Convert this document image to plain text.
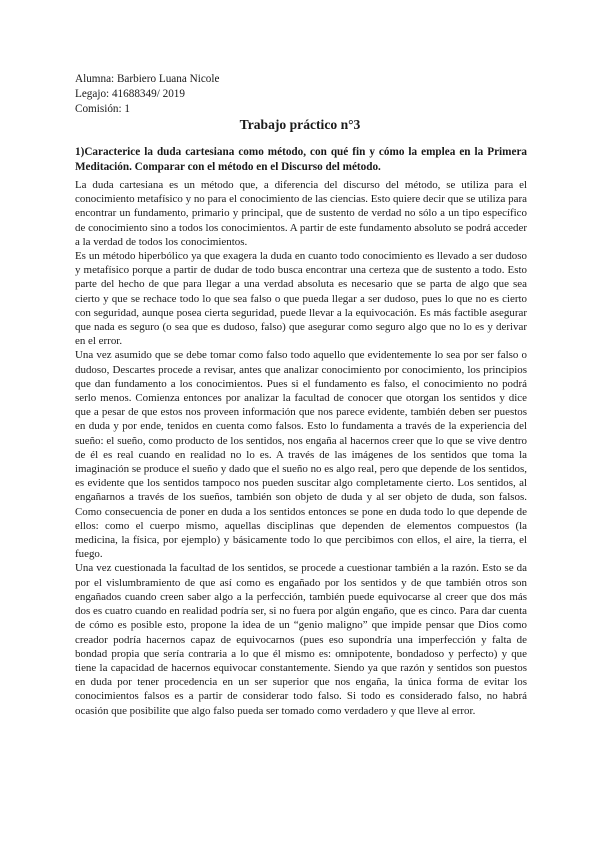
Alumna: Barbiero Luana Nicole
Legajo: 41688349/ 2019
Comisión: 1
Trabajo práctico n°3
1)Caracterice la duda cartesiana como método, con qué fin y cómo la emplea en la Primera Meditación. Comparar con el método en el Discurso del método.

La duda cartesiana es un método que, a diferencia del discurso del método, se utiliza para el conocimiento metafísico y no para el conocimiento de las ciencias. Esto quiere decir que se utiliza para encontrar un fundamento, primario y principal, que de sustento de verdad no sólo a un tipo específico de conocimiento sino a todos los conocimientos. A partir de este fundamento absoluto se podrá acceder a la verdad de todos los conocimientos.

Es un método hiperbólico ya que exagera la duda en cuanto todo conocimiento es llevado a ser dudoso y metafísico porque a partir de dudar de todo busca encontrar una certeza que de sustento a todo. Esto parte del hecho de que para llegar a una verdad absoluta es necesario que se parta de algo que sea cierto y que se rechace todo lo que sea falso o que pueda llegar a ser dudoso, pues lo que no es cierto con seguridad, aunque posea cierta seguridad, puede llevar a la equivocación. Es más factible asegurar que nada es seguro (o sea que es dudoso, falso) que asegurar como seguro algo que no lo es y derivar en el error.

Una vez asumido que se debe tomar como falso todo aquello que evidentemente lo sea por ser falso o dudoso, Descartes procede a revisar, antes que analizar conocimiento por conocimiento, los principios que dan fundamento a los conocimientos. Pues si el fundamento es falso, el conocimiento no podrá serlo menos. Comienza entonces por analizar la facultad de conocer que otorgan los sentidos y dice que a pesar de que estos nos proveen información que nos parece evidente, también deben ser puestos en duda y por ende, tenidos en cuenta como falsos. Esto lo fundamenta a través de la experiencia del sueño: el sueño, como producto de los sentidos, nos engaña al hacernos creer que lo que se vive dentro de él es real cuando en realidad no lo es. A través de las imágenes de los sentidos que toma la imaginación se produce el sueño y dado que el sueño no es algo real, pero que depende de los sentidos, es evidente que los sentidos tampoco nos pueden suscitar algo completamente cierto. Los sentidos, al engañarnos a través de los sueños, también son objeto de duda y al ser objeto de duda, son falsos. Como consecuencia de poner en duda a los sentidos entonces se pone en duda todo lo que depende de ellos: como el cuerpo mismo, aquellas disciplinas que dependen de elementos compuestos (la medicina, la física, por ejemplo) y básicamente todo lo que percibimos con ellos, el aire, la tierra, el fuego.

Una vez cuestionada la facultad de los sentidos, se procede a cuestionar también a la razón. Esto se da por el vislumbramiento de que así como es engañado por los sentidos y de que también otros son engañados cuando creen saber algo a la perfección, también puede equivocarse al creer que dos más dos es cuatro cuando en realidad podría ser, si no fuera por algún engaño, que es cinco. Para dar cuenta de cómo es posible esto, propone la idea de un “genio maligno” que impide pensar que Dios como creador podría hacernos capaz de equivocarnos (pues eso supondría una imperfección y falta de bondad propia que sería contraria a lo que él mismo es: omnipotente, bondadoso y perfecto) y que tiene la capacidad de hacernos equivocar constantemente. Siendo ya que razón y sentidos son puestos en duda por tener procedencia en un ser superior que nos engaña, la única forma de evitar los conocimientos falsos es a partir de considerar todo falso. Si todo es considerado falso, no habrá ocasión que posibilite que algo falso pueda ser tomado como verdadero y que lleve al error.
